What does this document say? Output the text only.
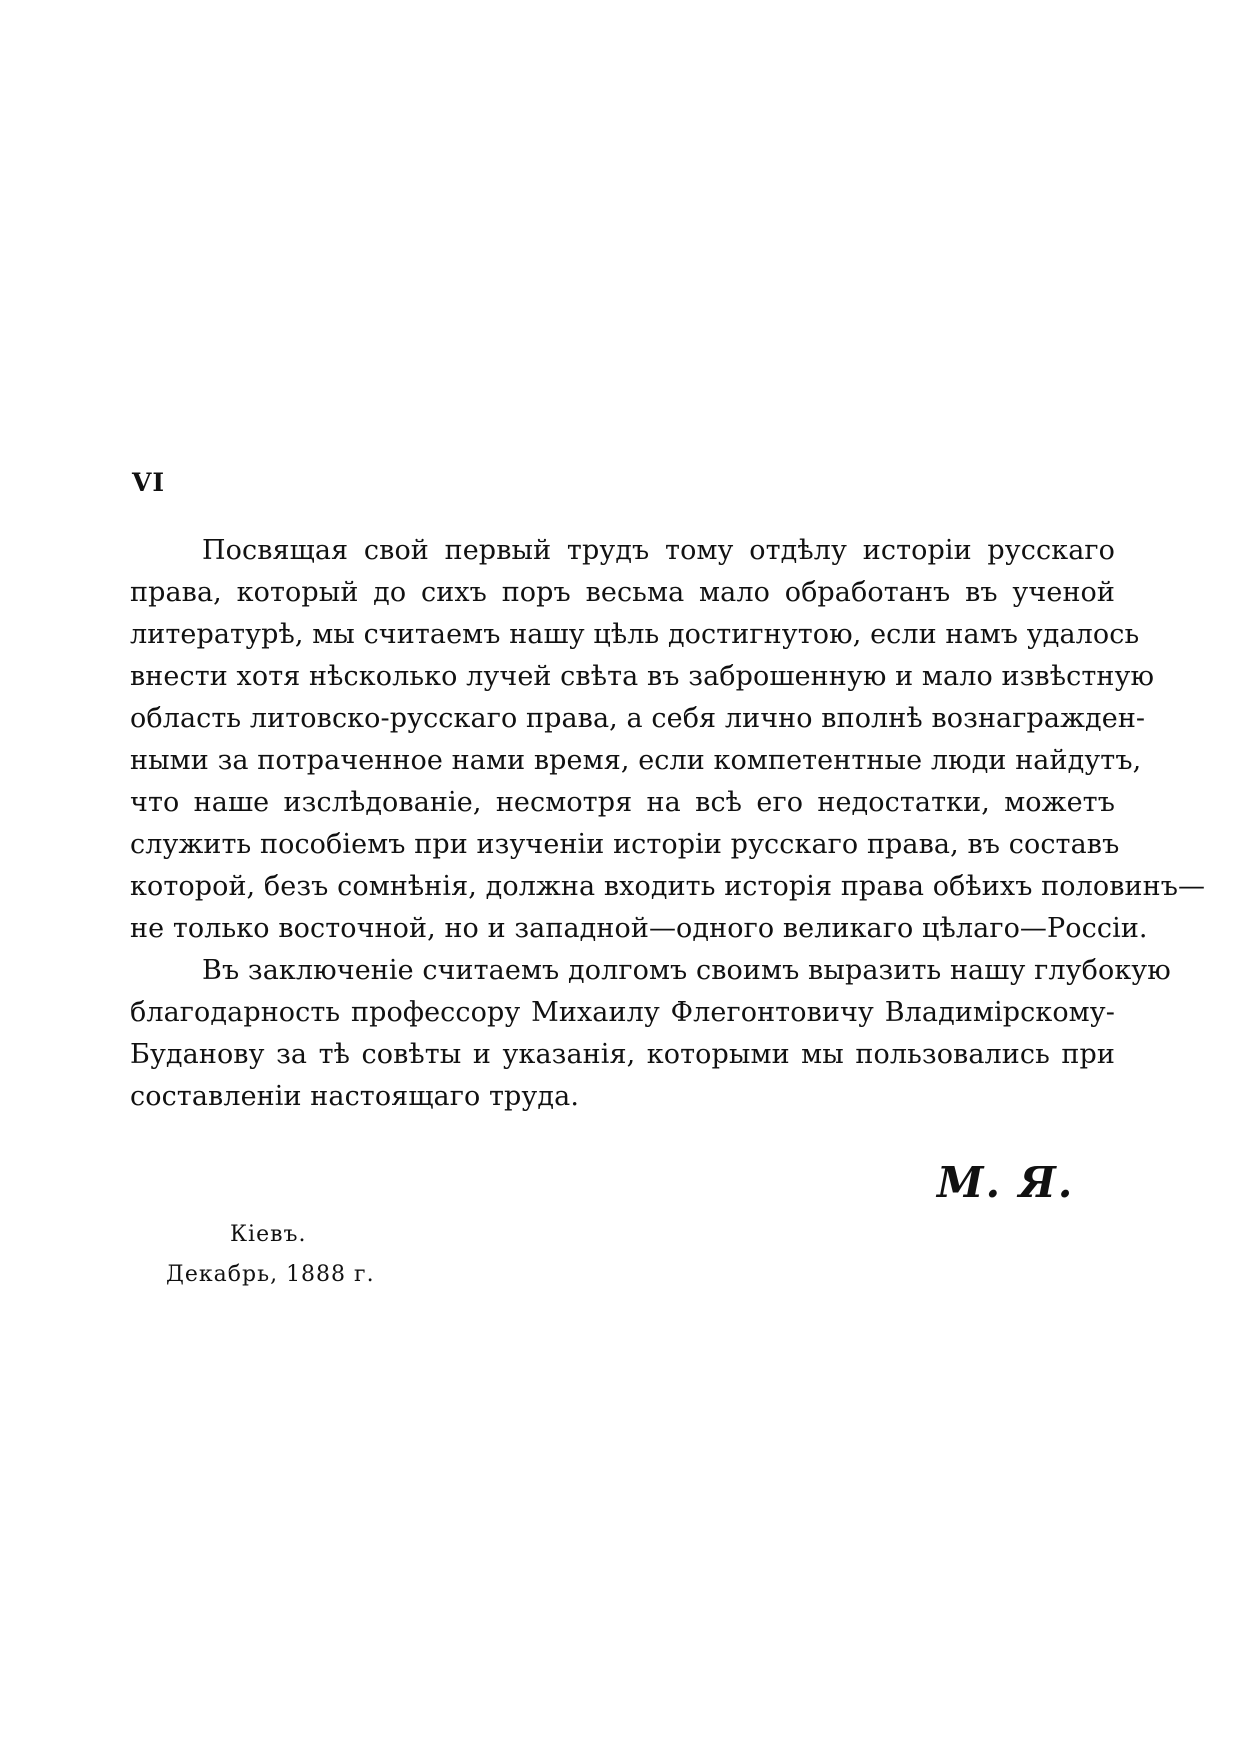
VI
Посвящая свой первый трудъ тому отдѣлу исторіи русскаго
права, который до сихъ поръ весьма мало обработанъ въ ученой
литературѣ, мы считаемъ нашу цѣль достигнутою, если намъ удалось
внести хотя нѣсколько лучей свѣта въ заброшенную и мало извѣстную
область литовско-русскаго права, а себя лично вполнѣ вознагражден-
ными за потраченное нами время, если компетентные люди найдутъ,
что наше изслѣдованіе, несмотря на всѣ его недостатки, можетъ
служить пособіемъ при изученіи исторіи русскаго права, въ составъ
которой, безъ сомнѣнія, должна входить исторія права обѣихъ половинъ—
не только восточной, но и западной—одного великаго цѣлаго—Россіи.
Въ заключеніе считаемъ долгомъ своимъ выразить нашу глубокую
благодарность профессору Михаилу Флегонтовичу Владимірскому-
Буданову за тѣ совѣты и указанія, которыми мы пользовались при
составленіи настоящаго труда.
М. Я.
Кіевъ.
Декабрь, 1888 г.
